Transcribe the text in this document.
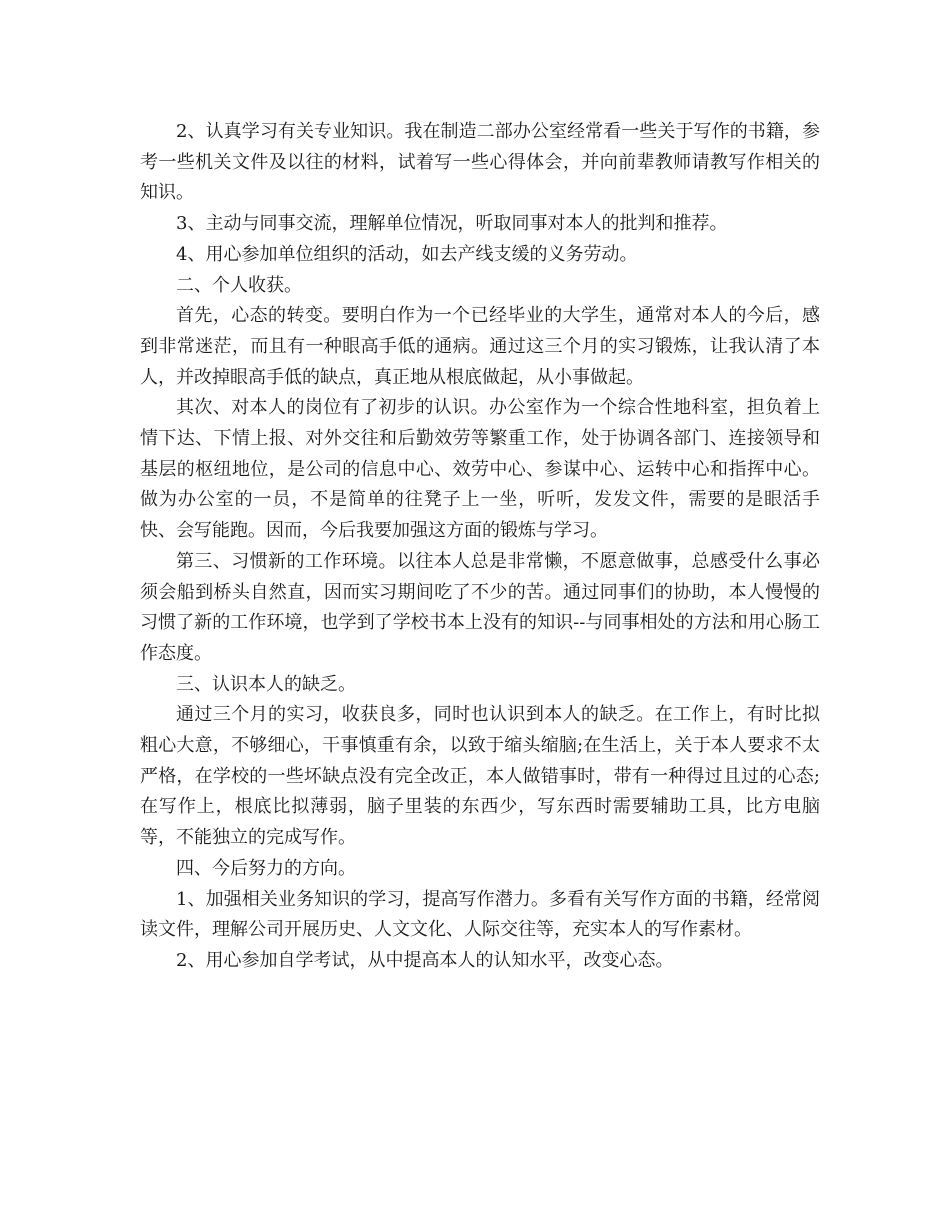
2、认真学习有关专业知识。我在制造二部办公室经常看一些关于写作的书籍，参考一些机关文件及以往的材料，试着写一些心得体会，并向前辈教师请教写作相关的知识。

3、主动与同事交流，理解单位情况，听取同事对本人的批判和推荐。

4、用心参加单位组织的活动，如去产线支缓的义务劳动。

二、个人收获。

首先，心态的转变。要明白作为一个已经毕业的大学生，通常对本人的今后，感到非常迷茫，而且有一种眼高手低的通病。通过这三个月的实习锻炼，让我认清了本人，并改掉眼高手低的缺点，真正地从根底做起，从小事做起。

其次、对本人的岗位有了初步的认识。办公室作为一个综合性地科室，担负着上情下达、下情上报、对外交往和后勤效劳等繁重工作，处于协调各部门、连接领导和基层的枢纽地位，是公司的信息中心、效劳中心、参谋中心、运转中心和指挥中心。做为办公室的一员，不是简单的往凳子上一坐，听听，发发文件，需要的是眼活手快、会写能跑。因而，今后我要加强这方面的锻炼与学习。

第三、习惯新的工作环境。以往本人总是非常懒，不愿意做事，总感受什么事必须会船到桥头自然直，因而实习期间吃了不少的苦。通过同事们的协助，本人慢慢的习惯了新的工作环境，也学到了学校书本上没有的知识--与同事相处的方法和用心肠工作态度。

三、认识本人的缺乏。

通过三个月的实习，收获良多，同时也认识到本人的缺乏。在工作上，有时比拟粗心大意，不够细心，干事慎重有余，以致于缩头缩脑;在生活上，关于本人要求不太严格，在学校的一些坏缺点没有完全改正，本人做错事时，带有一种得过且过的心态;在写作上，根底比拟薄弱，脑子里装的东西少，写东西时需要辅助工具，比方电脑等，不能独立的完成写作。

四、今后努力的方向。

1、加强相关业务知识的学习，提高写作潜力。多看有关写作方面的书籍，经常阅读文件，理解公司开展历史、人文文化、人际交往等，充实本人的写作素材。

2、用心参加自学考试，从中提高本人的认知水平，改变心态。
